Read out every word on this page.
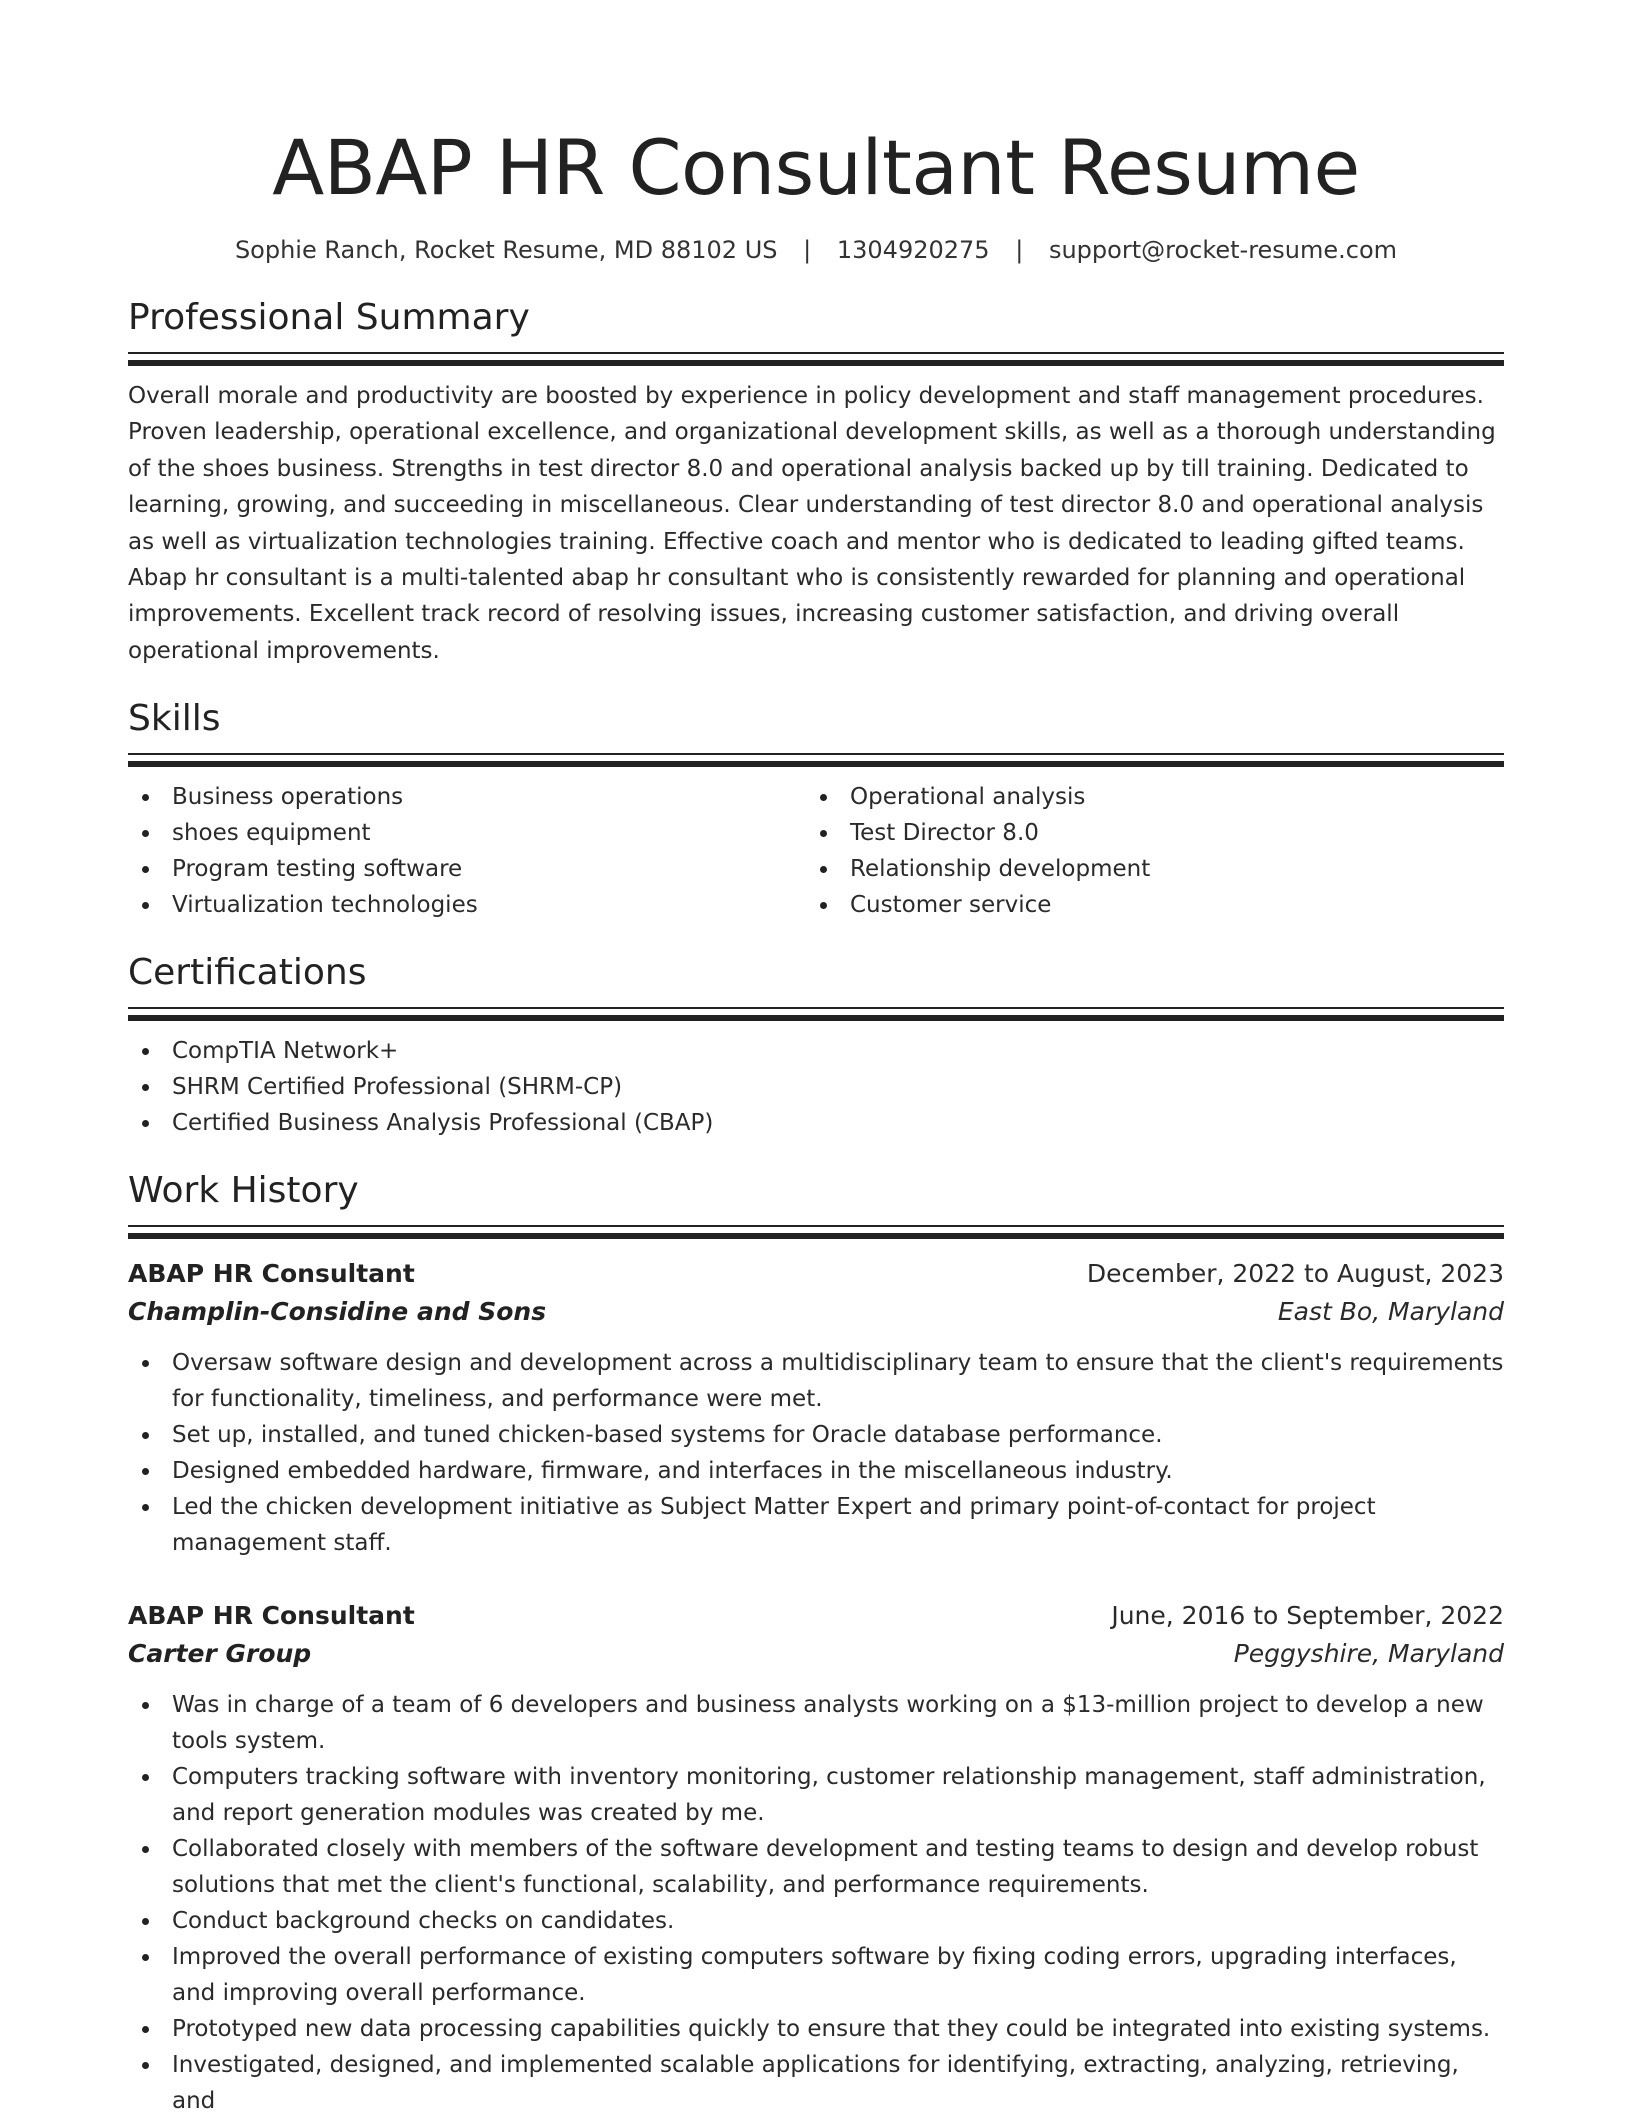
ABAP HR Consultant Resume
Sophie Ranch, Rocket Resume, MD 88102 US | 1304920275 | support@rocket-resume.com
Professional Summary

Overall morale and productivity are boosted by experience in policy development and staff management procedures. Proven leadership, operational excellence, and organizational development skills, as well as a thorough understanding of the shoes business. Strengths in test director 8.0 and operational analysis backed up by till training. Dedicated to learning, growing, and succeeding in miscellaneous. Clear understanding of test director 8.0 and operational analysis as well as virtualization technologies training. Effective coach and mentor who is dedicated to leading gifted teams. Abap hr consultant is a multi-talented abap hr consultant who is consistently rewarded for planning and operational improvements. Excellent track record of resolving issues, increasing customer satisfaction, and driving overall operational improvements.

Skills
Business operations
shoes equipment
Program testing software
Virtualization technologies
Operational analysis
Test Director 8.0
Relationship development
Customer service
Certifications
CompTIA Network+
SHRM Certified Professional (SHRM-CP)
Certified Business Analysis Professional (CBAP)
Work History
ABAP HR Consultant	December, 2022 to August, 2023
Champlin-Considine and Sons	East Bo, Maryland
Oversaw software design and development across a multidisciplinary team to ensure that the client's requirements for functionality, timeliness, and performance were met.
Set up, installed, and tuned chicken-based systems for Oracle database performance.
Designed embedded hardware, firmware, and interfaces in the miscellaneous industry.
Led the chicken development initiative as Subject Matter Expert and primary point-of-contact for project management staff.
ABAP HR Consultant	June, 2016 to September, 2022
Carter Group	Peggyshire, Maryland
Was in charge of a team of 6 developers and business analysts working on a $13-million project to develop a new tools system.
Computers tracking software with inventory monitoring, customer relationship management, staff administration, and report generation modules was created by me.
Collaborated closely with members of the software development and testing teams to design and develop robust solutions that met the client's functional, scalability, and performance requirements.
Conduct background checks on candidates.
Improved the overall performance of existing computers software by fixing coding errors, upgrading interfaces, and improving overall performance.
Prototyped new data processing capabilities quickly to ensure that they could be integrated into existing systems.
Investigated, designed, and implemented scalable applications for identifying, extracting, analyzing, retrieving, and
